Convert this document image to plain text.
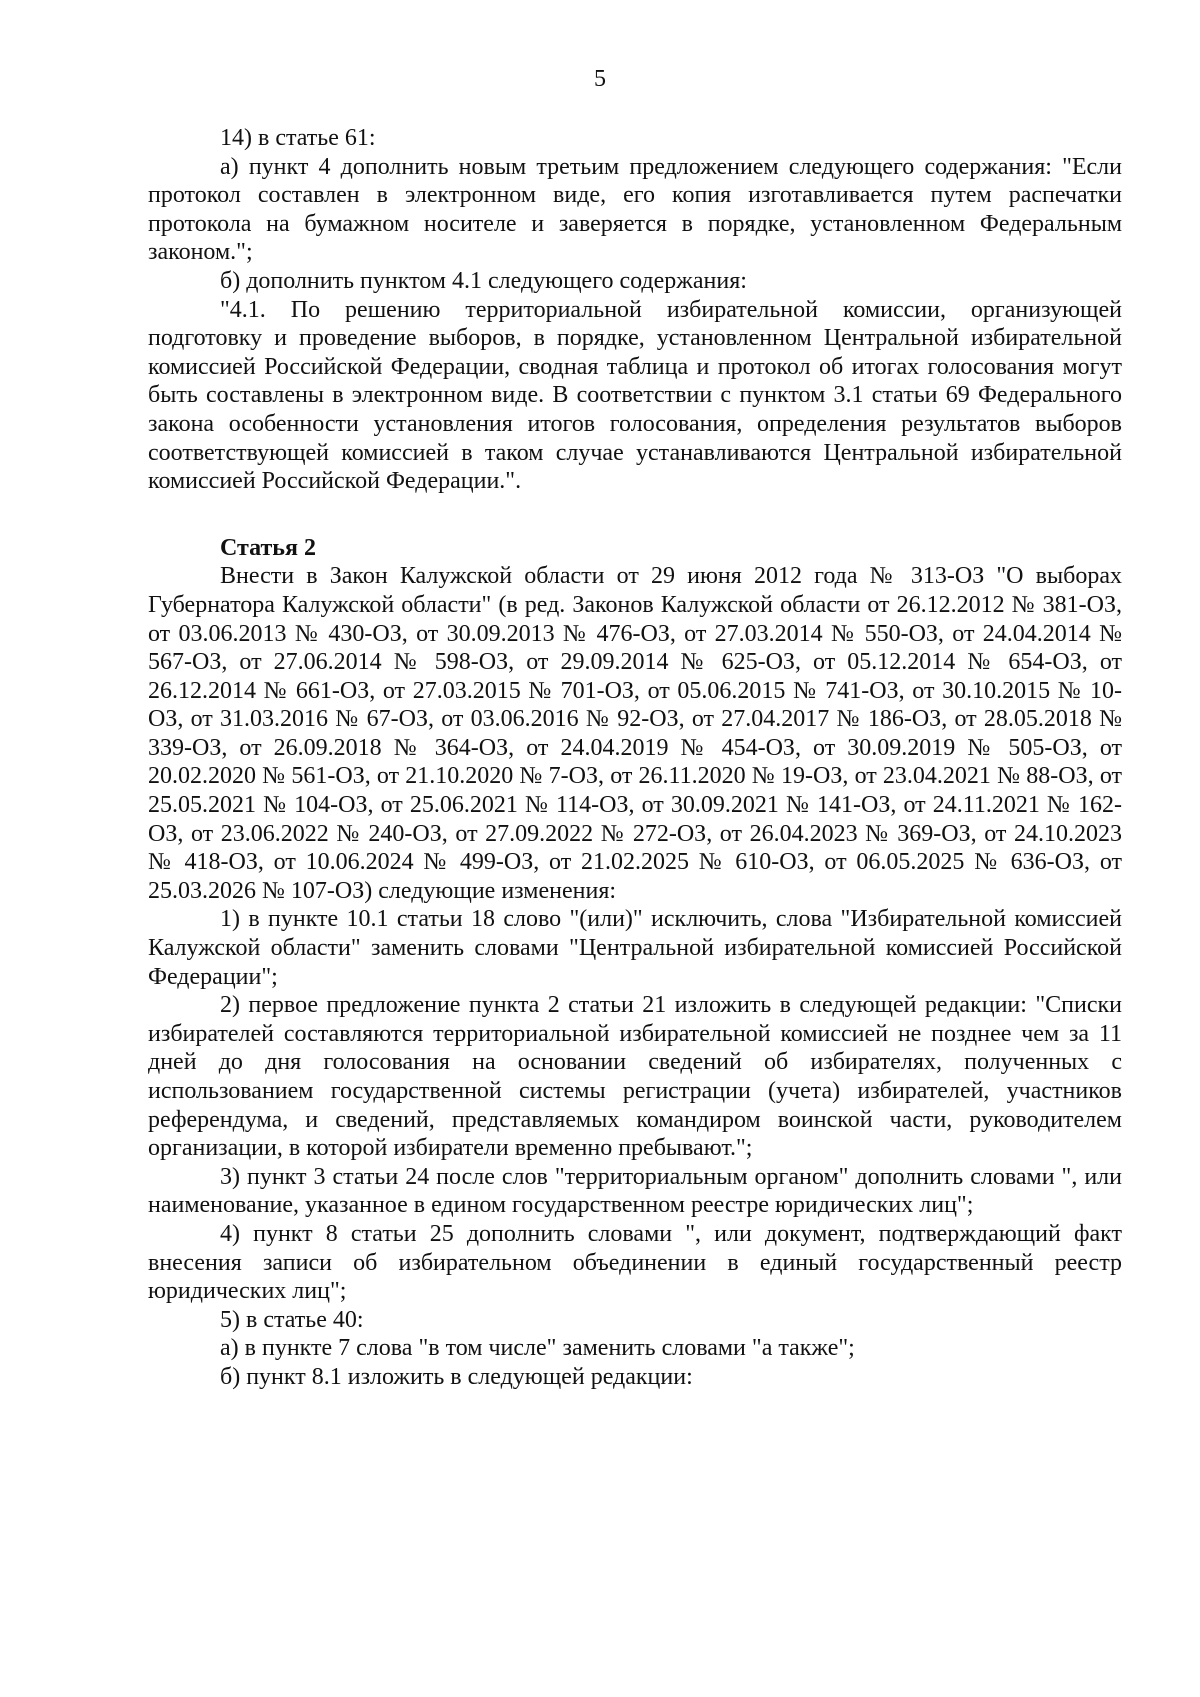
5

14) в статье 61:

а) пункт 4 дополнить новым третьим предложением следующего содержания: "Если протокол составлен в электронном виде, его копия изготавливается путем распечатки протокола на бумажном носителе и заверяется в порядке, установленном Федеральным законом.";

б) дополнить пунктом 4.1 следующего содержания:

"4.1. По решению территориальной избирательной комиссии, организующей подготовку и проведение выборов, в порядке, установленном Центральной избирательной комиссией Российской Федерации, сводная таблица и протокол об итогах голосования могут быть составлены в электронном виде. В соответствии с пунктом 3.1 статьи 69 Федерального закона особенности установления итогов голосования, определения результатов выборов соответствующей комиссией в таком случае устанавливаются Центральной избирательной комиссией Российской Федерации.".

Статья 2

Внести в Закон Калужской области от 29 июня 2012 года № 313-ОЗ "О выборах Губернатора Калужской области" (в ред. Законов Калужской области от 26.12.2012 № 381-ОЗ, от 03.06.2013 № 430-ОЗ, от 30.09.2013 № 476-ОЗ, от 27.03.2014 № 550-ОЗ, от 24.04.2014 № 567-ОЗ, от 27.06.2014 № 598-ОЗ, от 29.09.2014 № 625-ОЗ, от 05.12.2014 № 654-ОЗ, от 26.12.2014 № 661-ОЗ, от 27.03.2015 № 701-ОЗ, от 05.06.2015 № 741-ОЗ, от 30.10.2015 № 10-ОЗ, от 31.03.2016 № 67-ОЗ, от 03.06.2016 № 92-ОЗ, от 27.04.2017 № 186-ОЗ, от 28.05.2018 № 339-ОЗ, от 26.09.2018 № 364-ОЗ, от 24.04.2019 № 454-ОЗ, от 30.09.2019 № 505-ОЗ, от 20.02.2020 № 561-ОЗ, от 21.10.2020 № 7-ОЗ, от 26.11.2020 № 19-ОЗ, от 23.04.2021 № 88-ОЗ, от 25.05.2021 № 104-ОЗ, от 25.06.2021 № 114-ОЗ, от 30.09.2021 № 141-ОЗ, от 24.11.2021 № 162-ОЗ, от 23.06.2022 № 240-ОЗ, от 27.09.2022 № 272-ОЗ, от 26.04.2023 № 369-ОЗ, от 24.10.2023 № 418-ОЗ, от 10.06.2024 № 499-ОЗ, от 21.02.2025 № 610-ОЗ, от 06.05.2025 № 636-ОЗ, от 25.03.2026 № 107-ОЗ) следующие изменения:

1) в пункте 10.1 статьи 18 слово "(или)" исключить, слова "Избирательной комиссией Калужской области" заменить словами "Центральной избирательной комиссией Российской Федерации";

2) первое предложение пункта 2 статьи 21 изложить в следующей редакции: "Списки избирателей составляются территориальной избирательной комиссией не позднее чем за 11 дней до дня голосования на основании сведений об избирателях, полученных с использованием государственной системы регистрации (учета) избирателей, участников референдума, и сведений, представляемых командиром воинской части, руководителем организации, в которой избиратели временно пребывают.";

3) пункт 3 статьи 24 после слов "территориальным органом" дополнить словами ", или наименование, указанное в едином государственном реестре юридических лиц";

4) пункт 8 статьи 25 дополнить словами ", или документ, подтверждающий факт внесения записи об избирательном объединении в единый государственный реестр юридических лиц";

5) в статье 40:

а) в пункте 7 слова "в том числе" заменить словами "а также";

б) пункт 8.1 изложить в следующей редакции:
